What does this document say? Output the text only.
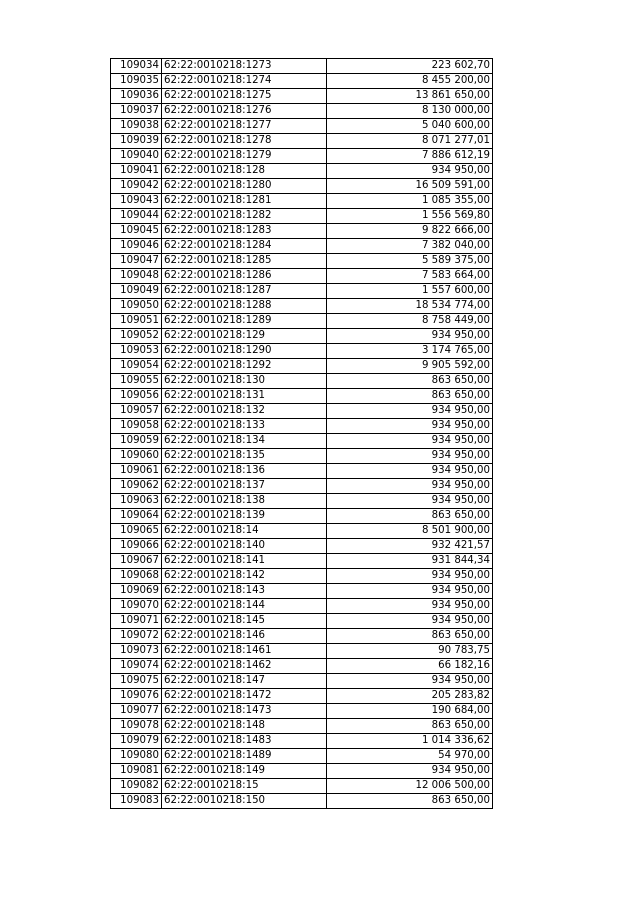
109034	62:22:0010218:1273	223 602,70
109035	62:22:0010218:1274	8 455 200,00
109036	62:22:0010218:1275	13 861 650,00
109037	62:22:0010218:1276	8 130 000,00
109038	62:22:0010218:1277	5 040 600,00
109039	62:22:0010218:1278	8 071 277,01
109040	62:22:0010218:1279	7 886 612,19
109041	62:22:0010218:128	934 950,00
109042	62:22:0010218:1280	16 509 591,00
109043	62:22:0010218:1281	1 085 355,00
109044	62:22:0010218:1282	1 556 569,80
109045	62:22:0010218:1283	9 822 666,00
109046	62:22:0010218:1284	7 382 040,00
109047	62:22:0010218:1285	5 589 375,00
109048	62:22:0010218:1286	7 583 664,00
109049	62:22:0010218:1287	1 557 600,00
109050	62:22:0010218:1288	18 534 774,00
109051	62:22:0010218:1289	8 758 449,00
109052	62:22:0010218:129	934 950,00
109053	62:22:0010218:1290	3 174 765,00
109054	62:22:0010218:1292	9 905 592,00
109055	62:22:0010218:130	863 650,00
109056	62:22:0010218:131	863 650,00
109057	62:22:0010218:132	934 950,00
109058	62:22:0010218:133	934 950,00
109059	62:22:0010218:134	934 950,00
109060	62:22:0010218:135	934 950,00
109061	62:22:0010218:136	934 950,00
109062	62:22:0010218:137	934 950,00
109063	62:22:0010218:138	934 950,00
109064	62:22:0010218:139	863 650,00
109065	62:22:0010218:14	8 501 900,00
109066	62:22:0010218:140	932 421,57
109067	62:22:0010218:141	931 844,34
109068	62:22:0010218:142	934 950,00
109069	62:22:0010218:143	934 950,00
109070	62:22:0010218:144	934 950,00
109071	62:22:0010218:145	934 950,00
109072	62:22:0010218:146	863 650,00
109073	62:22:0010218:1461	90 783,75
109074	62:22:0010218:1462	66 182,16
109075	62:22:0010218:147	934 950,00
109076	62:22:0010218:1472	205 283,82
109077	62:22:0010218:1473	190 684,00
109078	62:22:0010218:148	863 650,00
109079	62:22:0010218:1483	1 014 336,62
109080	62:22:0010218:1489	54 970,00
109081	62:22:0010218:149	934 950,00
109082	62:22:0010218:15	12 006 500,00
109083	62:22:0010218:150	863 650,00
